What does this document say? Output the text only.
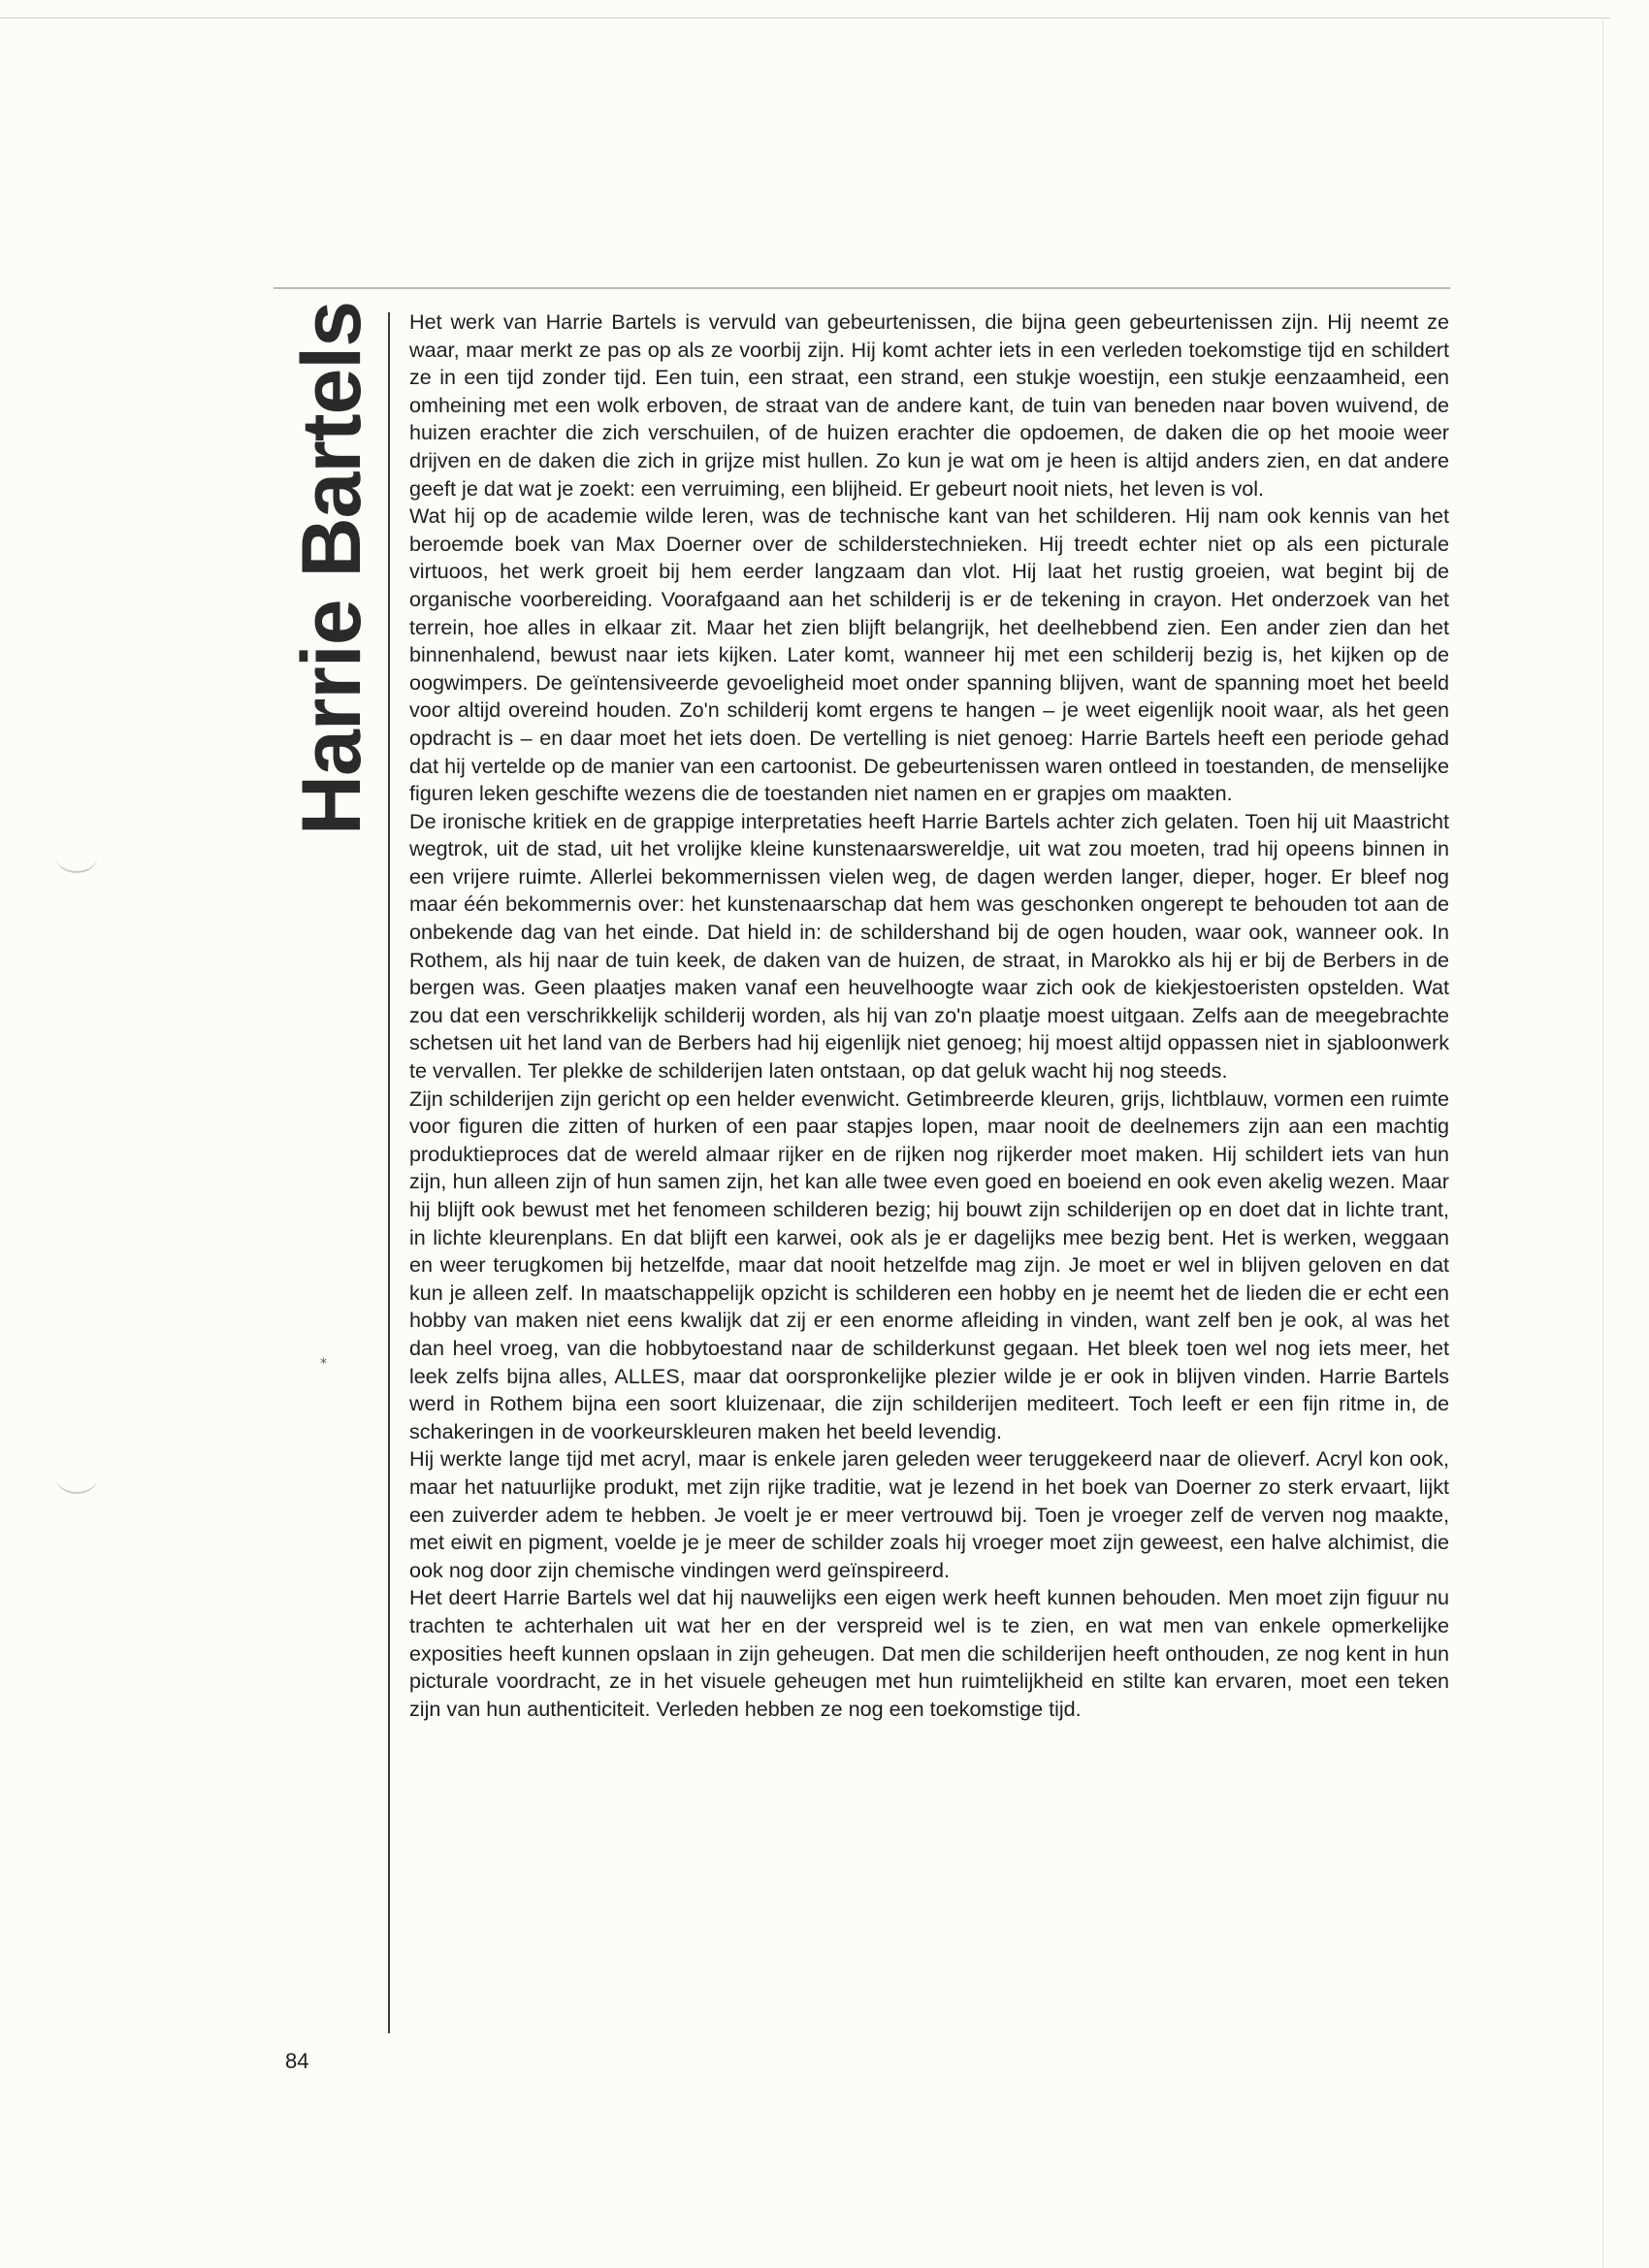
*
Harrie Bartels Het werk van Harrie Bartels is vervuld van gebeurtenissen, die bijna geen gebeurtenissen zijn. Hij neemt ze waar, maar merkt ze pas op als ze voorbij zijn. Hij komt achter iets in een verleden toekomstige tijd en schildert ze in een tijd zonder tijd. Een tuin, een straat, een strand, een stukje woestijn, een stukje eenzaamheid, een omheining met een wolk erboven, de straat van de andere kant, de tuin van beneden naar boven wuivend, de huizen erachter die zich verschuilen, of de huizen erachter die opdoemen, de daken die op het mooie weer drijven en de daken die zich in grijze mist hullen. Zo kun je wat om je heen is altijd anders zien, en dat andere geeft je dat wat je zoekt: een verruiming, een blijheid. Er gebeurt nooit niets, het leven is vol.

Wat hij op de academie wilde leren, was de technische kant van het schilderen. Hij nam ook kennis van het beroemde boek van Max Doerner over de schilderstechnieken. Hij treedt echter niet op als een picturale virtuoos, het werk groeit bij hem eerder langzaam dan vlot. Hij laat het rustig groeien, wat begint bij de organische voorbereiding. Voorafgaand aan het schilderij is er de tekening in crayon. Het onderzoek van het terrein, hoe alles in elkaar zit. Maar het zien blijft belangrijk, het deelhebbend zien. Een ander zien dan het binnenhalend, bewust naar iets kijken. Later komt, wanneer hij met een schilderij bezig is, het kijken op de oogwimpers. De geïntensiveerde gevoeligheid moet onder spanning blijven, want de spanning moet het beeld voor altijd overeind houden. Zo'n schilderij komt ergens te hangen – je weet eigenlijk nooit waar, als het geen opdracht is – en daar moet het iets doen. De vertelling is niet genoeg: Harrie Bartels heeft een periode gehad dat hij vertelde op de manier van een cartoonist. De gebeurtenissen waren ontleed in toestanden, de menselijke figuren leken geschifte wezens die de toestanden niet namen en er grapjes om maakten.

De ironische kritiek en de grappige interpretaties heeft Harrie Bartels achter zich gelaten. Toen hij uit Maastricht wegtrok, uit de stad, uit het vrolijke kleine kunstenaarswereldje, uit wat zou moeten, trad hij opeens binnen in een vrijere ruimte. Allerlei bekommernissen vielen weg, de dagen werden langer, dieper, hoger. Er bleef nog maar één bekommernis over: het kunstenaarschap dat hem was geschonken ongerept te behouden tot aan de onbekende dag van het einde. Dat hield in: de schildershand bij de ogen houden, waar ook, wanneer ook. In Rothem, als hij naar de tuin keek, de daken van de huizen, de straat, in Marokko als hij er bij de Berbers in de bergen was. Geen plaatjes maken vanaf een heuvelhoogte waar zich ook de kiekjestoeristen opstelden. Wat zou dat een verschrikkelijk schilderij worden, als hij van zo'n plaatje moest uitgaan. Zelfs aan de meegebrachte schetsen uit het land van de Berbers had hij eigenlijk niet genoeg; hij moest altijd oppassen niet in sjabloonwerk te vervallen. Ter plekke de schilderijen laten ontstaan, op dat geluk wacht hij nog steeds.

Zijn schilderijen zijn gericht op een helder evenwicht. Getimbreerde kleuren, grijs, lichtblauw, vormen een ruimte voor figuren die zitten of hurken of een paar stapjes lopen, maar nooit de deelnemers zijn aan een machtig produktieproces dat de wereld almaar rijker en de rijken nog rijkerder moet maken. Hij schildert iets van hun zijn, hun alleen zijn of hun samen zijn, het kan alle twee even goed en boeiend en ook even akelig wezen. Maar hij blijft ook bewust met het fenomeen schilderen bezig; hij bouwt zijn schilderijen op en doet dat in lichte trant, in lichte kleurenplans. En dat blijft een karwei, ook als je er dagelijks mee bezig bent. Het is werken, weggaan en weer terugkomen bij hetzelfde, maar dat nooit hetzelfde mag zijn. Je moet er wel in blijven geloven en dat kun je alleen zelf. In maatschappelijk opzicht is schilderen een hobby en je neemt het de lieden die er echt een hobby van maken niet eens kwalijk dat zij er een enorme afleiding in vinden, want zelf ben je ook, al was het dan heel vroeg, van die hobbytoestand naar de schilderkunst gegaan. Het bleek toen wel nog iets meer, het leek zelfs bijna alles, ALLES, maar dat oorspronkelijke plezier wilde je er ook in blijven vinden. Harrie Bartels werd in Rothem bijna een soort kluizenaar, die zijn schilderijen mediteert. Toch leeft er een fijn ritme in, de schakeringen in de voorkeurskleuren maken het beeld levendig.

Hij werkte lange tijd met acryl, maar is enkele jaren geleden weer teruggekeerd naar de olieverf. Acryl kon ook, maar het natuurlijke produkt, met zijn rijke traditie, wat je lezend in het boek van Doerner zo sterk ervaart, lijkt een zuiverder adem te hebben. Je voelt je er meer vertrouwd bij. Toen je vroeger zelf de verven nog maakte, met eiwit en pigment, voelde je je meer de schilder zoals hij vroeger moet zijn geweest, een halve alchimist, die ook nog door zijn chemische vindingen werd geïnspireerd.

Het deert Harrie Bartels wel dat hij nauwelijks een eigen werk heeft kunnen behouden. Men moet zijn figuur nu trachten te achterhalen uit wat her en der verspreid wel is te zien, en wat men van enkele opmerkelijke exposities heeft kunnen opslaan in zijn geheugen. Dat men die schilderijen heeft onthouden, ze nog kent in hun picturale voordracht, ze in het visuele geheugen met hun ruimtelijkheid en stilte kan ervaren, moet een teken zijn van hun authenticiteit. Verleden hebben ze nog een toekomstige tijd.

84
